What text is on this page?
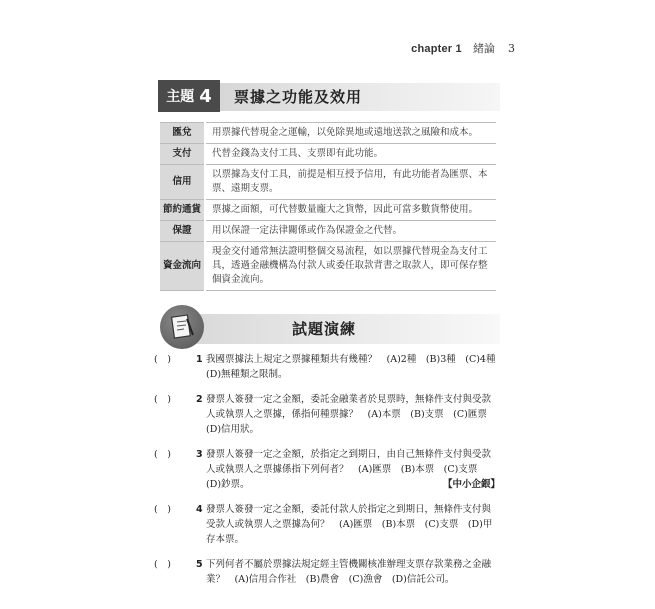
chapter 1 緒論 3
主題 4 票據之功能及效用
匯兌	用票據代替現金之運輸，以免除異地或遠地送款之風險和成本。
支付	代替金錢為支付工具、支票即有此功能。
信用	以票據為支付工具，前提是相互授予信用，有此功能者為匯票、本票、遠期支票。
節約通貨	票據之面額，可代替數量龐大之貨幣，因此可當多數貨幣使用。
保證	用以保證一定法律關係或作為保證金之代替。
資金流向	現金交付通常無法證明整個交易流程，如以票據代替現金為支付工具，透過金融機構為付款人或委任取款背書之取款人，即可保存整個資金流向。
試題演練
(　)	1 我國票據法上規定之票據種類共有幾種？　(A)2種　(B)3種　(C)4種　(D)無種類之限制。
(　)	2 發票人簽發一定之金額，委託金融業者於見票時，無條件支付與受款人或執票人之票據，係指何種票據？　(A)本票　(B)支票　(C)匯票　(D)信用狀。
(　)	3 發票人簽發一定之金額，於指定之到期日，由自己無條件支付與受款人或執票人之票據係指下列何者？　(A)匯票　(B)本票　(C)支票　(D)鈔票。	【中小企銀】
(　)	4 發票人簽發一定之金額，委託付款人於指定之到期日，無條件支付與受款人或執票人之票據為何？　(A)匯票　(B)本票　(C)支票　(D)甲存本票。
(　)	5 下列何者不屬於票據法規定經主管機關核准辦理支票存款業務之金融業？　(A)信用合作社　(B)農會　(C)漁會　(D)信託公司。
